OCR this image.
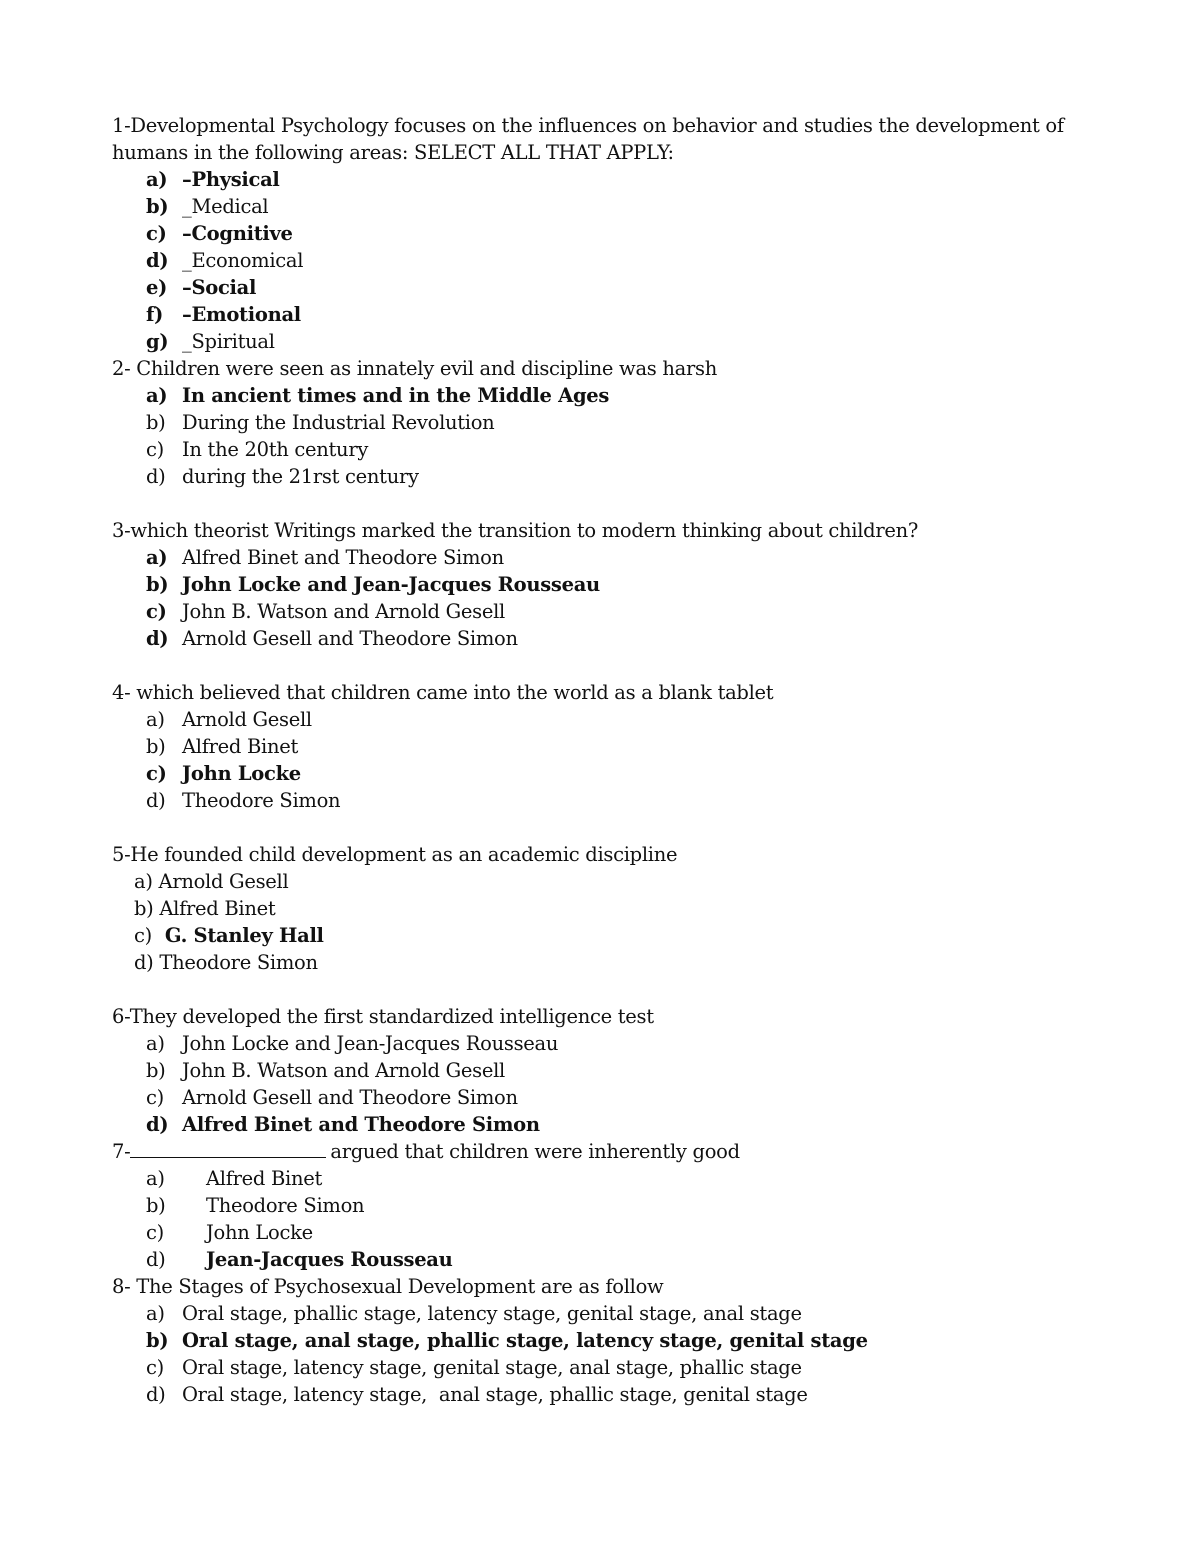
1-Developmental Psychology focuses on the influences on behavior and studies the development of

humans in the following areas: SELECT ALL THAT APPLY:

a) –Physical
b) _Medical
c) –Cognitive
d) _Economical
e) –Social
f) –Emotional
g) _Spiritual

2- Children were seen as innately evil and discipline was harsh

a) In ancient times and in the Middle Ages
b) During the Industrial Revolution
c) In the 20th century
d) during the 21rst century

3-which theorist Writings marked the transition to modern thinking about children?

a) Alfred Binet and Theodore Simon
b) John Locke and Jean-Jacques Rousseau
c) John B. Watson and Arnold Gesell
d) Arnold Gesell and Theodore Simon

4- which believed that children came into the world as a blank tablet

a) Arnold Gesell
b) Alfred Binet
c) John Locke
d) Theodore Simon

5-He founded child development as an academic discipline

a) Arnold Gesell
b) Alfred Binet
c) G. Stanley Hall
d) Theodore Simon

6-They developed the first standardized intelligence test

a) John Locke and Jean-Jacques Rousseau
b) John B. Watson and Arnold Gesell
c) Arnold Gesell and Theodore Simon
d) Alfred Binet and Theodore Simon

7-	argued that children were inherently good

a)	Alfred Binet
b)	Theodore Simon
c)	John Locke
d)	Jean-Jacques Rousseau

8- The Stages of Psychosexual Development are as follow

a) Oral stage, phallic stage, latency stage, genital stage, anal stage
b) Oral stage, anal stage, phallic stage, latency stage, genital stage
c) Oral stage, latency stage, genital stage, anal stage, phallic stage
d) Oral stage, latency stage,  anal stage, phallic stage, genital stage
